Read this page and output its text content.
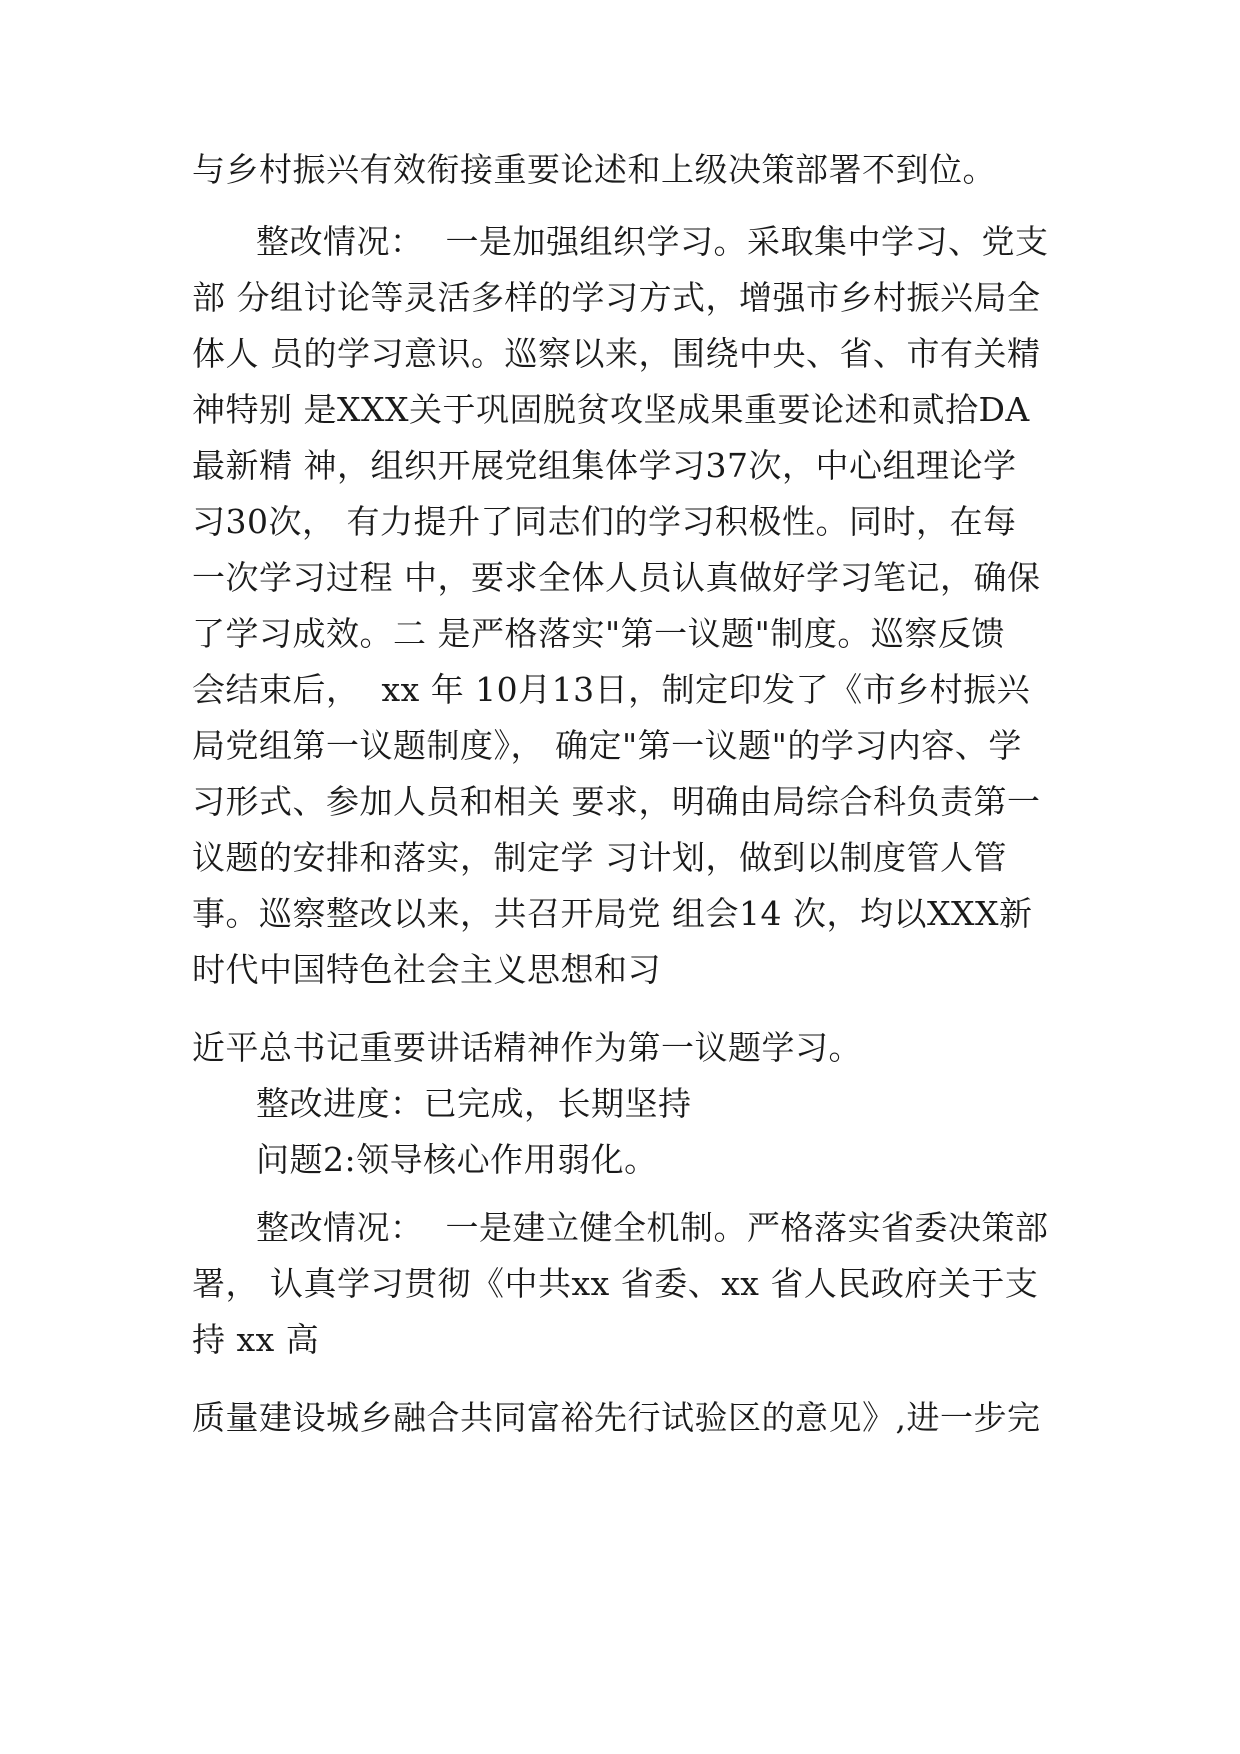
与乡村振兴有效衔接重要论述和上级决策部署不到位。
整改情况：  一是加强组织学习。采取集中学习、党支
部 分组讨论等灵活多样的学习方式，增强市乡村振兴局全
体人 员的学习意识。巡察以来，围绕中央、省、市有关精
神特别 是XXX关于巩固脱贫攻坚成果重要论述和贰拾DA
最新精 神，组织开展党组集体学习37次，中心组理论学
习30次， 有力提升了同志们的学习积极性。同时，在每
一次学习过程 中，要求全体人员认真做好学习笔记，确保
了学习成效。二 是严格落实"第一议题"制度。巡察反馈
会结束后，  xx 年 10月13日，制定印发了《市乡村振兴
局党组第一议题制度》， 确定"第一议题"的学习内容、学
习形式、参加人员和相关 要求，明确由局综合科负责第一
议题的安排和落实，制定学 习计划，做到以制度管人管
事。巡察整改以来，共召开局党 组会14 次，均以XXX新
时代中国特色社会主义思想和习
近平总书记重要讲话精神作为第一议题学习。
整改进度：已完成，长期坚持
问题2:领导核心作用弱化。
整改情况：  一是建立健全机制。严格落实省委决策部
署， 认真学习贯彻《中共xx 省委、xx 省人民政府关于支
持 xx 高
质量建设城乡融合共同富裕先行试验区的意见》,进一步完
